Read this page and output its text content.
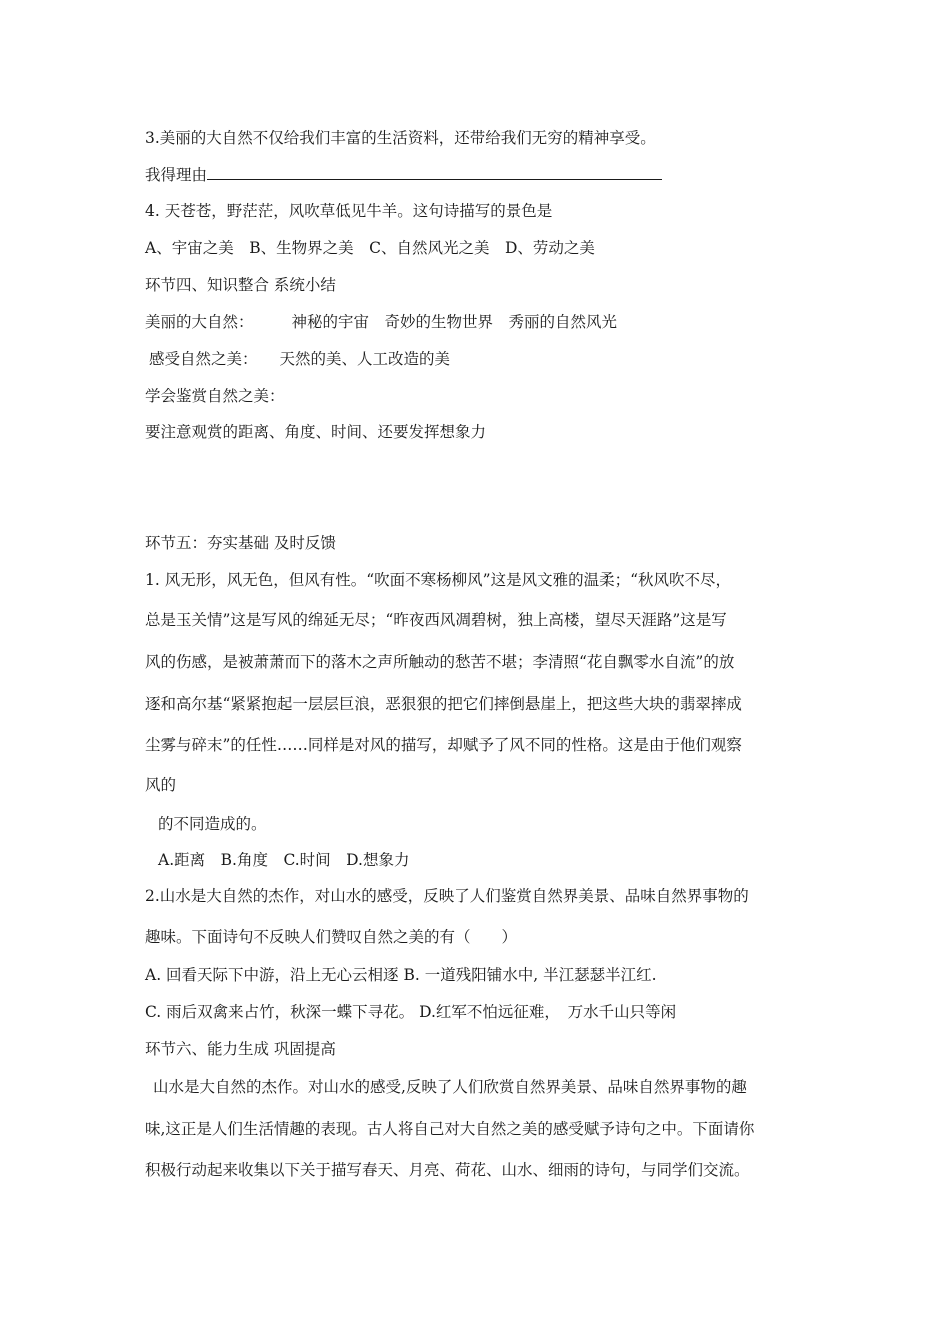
3.美丽的大自然不仅给我们丰富的生活资料，还带给我们无穷的精神享受。
我得理由
4. 天苍苍，野茫茫，风吹草低见牛羊。这句诗描写的景色是
A、宇宙之美　B、生物界之美　C、自然风光之美　D、劳动之美
环节四、知识整合 系统小结
美丽的大自然： 神秘的宇宙　奇妙的生物世界　秀丽的自然风光
感受自然之美： 天然的美、人工改造的美
学会鉴赏自然之美：
要注意观赏的距离、角度、时间、还要发挥想象力
环节五：夯实基础 及时反馈
1. 风无形，风无色，但风有性。“吹面不寒杨柳风”这是风文雅的温柔；“秋风吹不尽，
总是玉关情”这是写风的绵延无尽；“昨夜西风凋碧树，独上高楼，望尽天涯路”这是写
风的伤感，是被萧萧而下的落木之声所触动的愁苦不堪；李清照“花自飘零水自流”的放
逐和高尔基“紧紧抱起一层层巨浪，恶狠狠的把它们摔倒悬崖上，把这些大块的翡翠摔成
尘雾与碎末”的任性……同样是对风的描写，却赋予了风不同的性格。这是由于他们观察
风的
的不同造成的。
A.距离　B.角度　C.时间　D.想象力
2.山水是大自然的杰作，对山水的感受，反映了人们鉴赏自然界美景、品味自然界事物的
趣味。下面诗句不反映人们赞叹自然之美的有（　　）
A. 回看天际下中游，沿上无心云相逐 B. 一道残阳铺水中, 半江瑟瑟半江红.
C. 雨后双禽来占竹，秋深一蝶下寻花。 D.红军不怕远征难，　万水千山只等闲
环节六、能力生成 巩固提高
山水是大自然的杰作。对山水的感受,反映了人们欣赏自然界美景、品味自然界事物的趣
味,这正是人们生活情趣的表现。古人将自己对大自然之美的感受赋予诗句之中。下面请你
积极行动起来收集以下关于描写春天、月亮、荷花、山水、细雨的诗句，与同学们交流。
